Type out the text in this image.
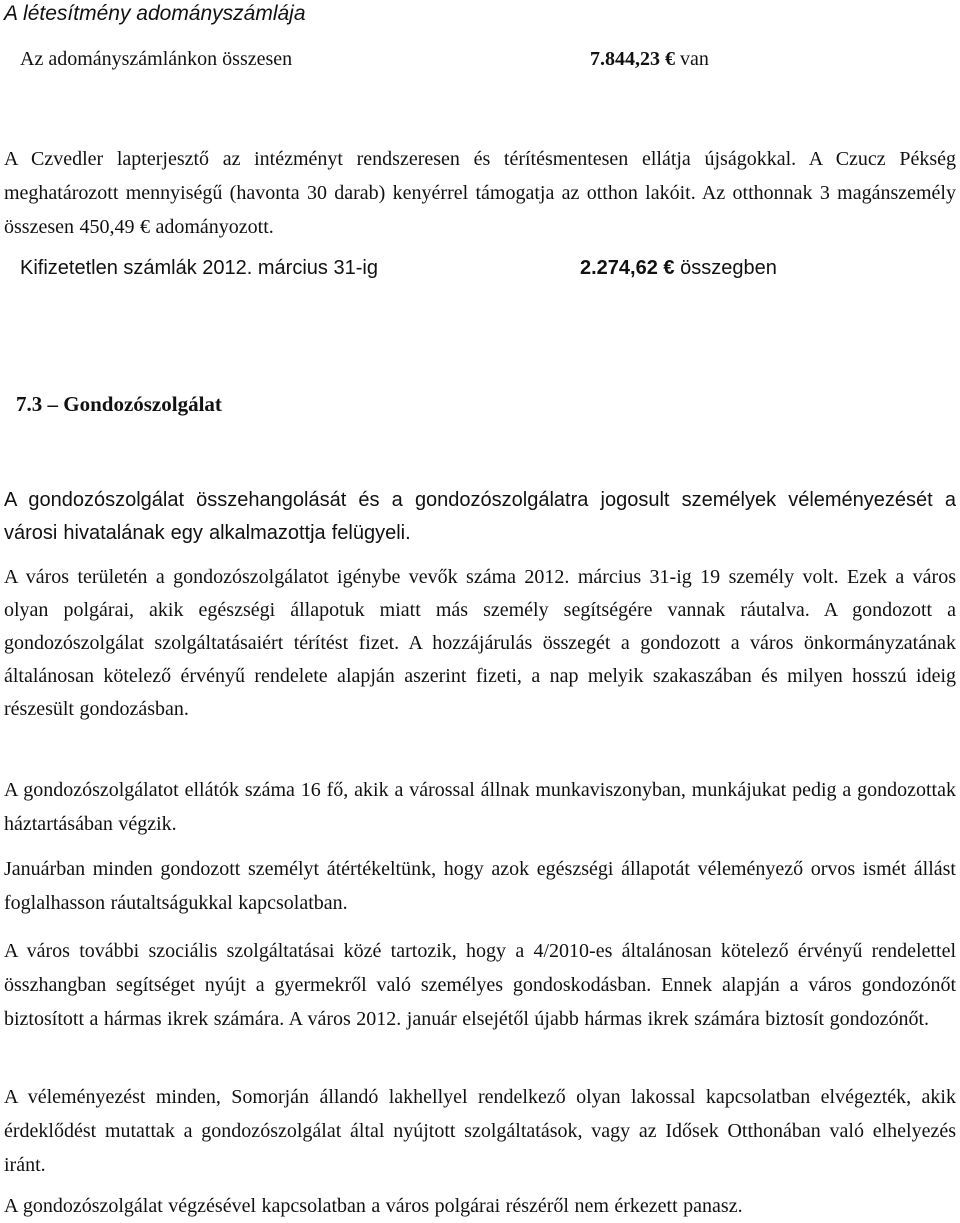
A létesítmény adományszámlája
Az adományszámlánkon összesen	7.844,23 € van

A Czvedler lapterjesztő az intézményt rendszeresen és térítésmentesen ellátja újságokkal. A Czucz Pékség meghatározott mennyiségű (havonta 30 darab) kenyérrel támogatja az otthon lakóit. Az otthonnak 3 magánszemély összesen 450,49 € adományozott.

Kifizetetlen számlák 2012. március 31-ig	2.274,62 € összegben
7.3 – Gondozószolgálat

A gondozószolgálat összehangolását és a gondozószolgálatra jogosult személyek véleményezését a városi hivatalának egy alkalmazottja felügyeli.

A város területén a gondozószolgálatot igénybe vevők száma 2012. március 31-ig 19 személy volt. Ezek a város olyan polgárai, akik egészségi állapotuk miatt más személy segítségére vannak ráutalva. A gondozott a gondozószolgálat szolgáltatásaiért térítést fizet. A hozzájárulás összegét a gondozott a város önkormányzatának általánosan kötelező érvényű rendelete alapján aszerint fizeti, a nap melyik szakaszában és milyen hosszú ideig részesült gondozásban.

A gondozószolgálatot ellátók száma 16 fő, akik a várossal állnak munkaviszonyban, munkájukat pedig a gondozottak háztartásában végzik.

Januárban minden gondozott személyt átértékeltünk, hogy azok egészségi állapotát véleményező orvos ismét állást foglalhasson ráutaltságukkal kapcsolatban.

A város további szociális szolgáltatásai közé tartozik, hogy a 4/2010-es általánosan kötelező érvényű rendelettel összhangban segítséget nyújt a gyermekről való személyes gondoskodásban. Ennek alapján a város gondozónőt biztosított a hármas ikrek számára. A város 2012. január elsejétől újabb hármas ikrek számára biztosít gondozónőt.

A véleményezést minden, Somorján állandó lakhellyel rendelkező olyan lakossal kapcsolatban elvégezték, akik érdeklődést mutattak a gondozószolgálat által nyújtott szolgáltatások, vagy az Idősek Otthonában való elhelyezés iránt.

A gondozószolgálat végzésével kapcsolatban a város polgárai részéről nem érkezett panasz.
